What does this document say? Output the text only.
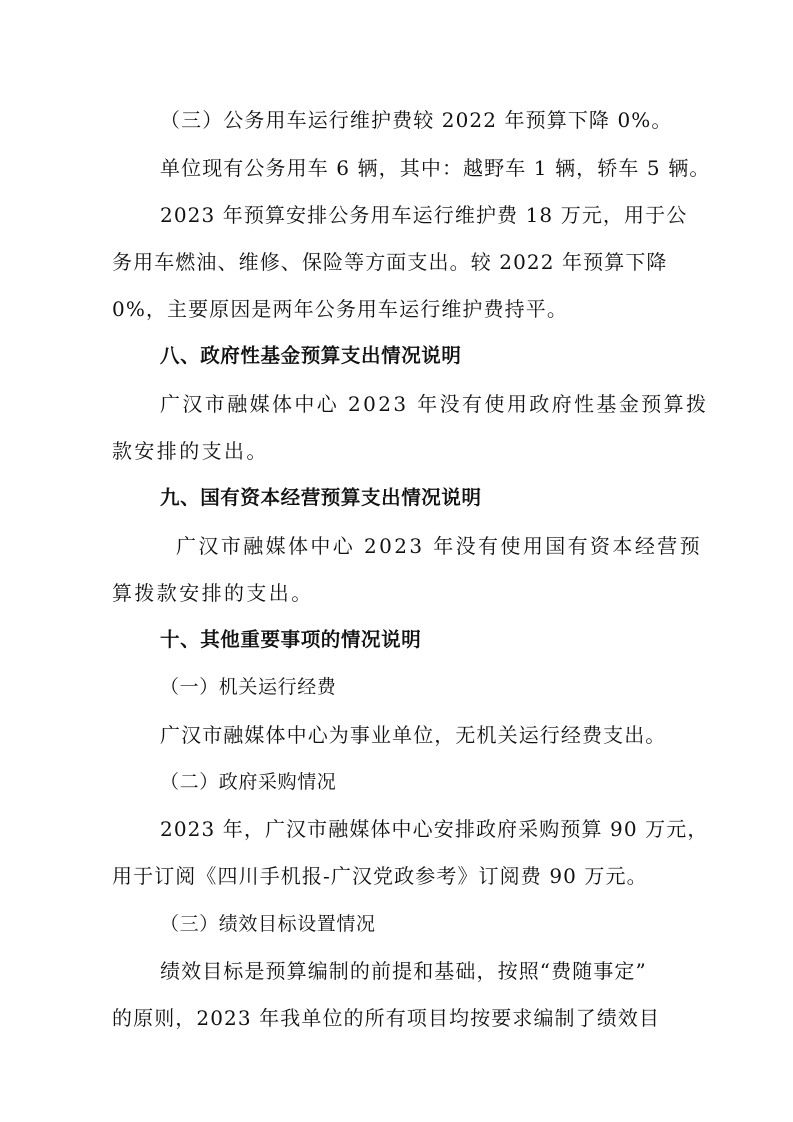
（三）公务用车运行维护费较 2022 年预算下降 0%。
单位现有公务用车 6 辆，其中：越野车 1 辆，轿车 5 辆。
2023 年预算安排公务用车运行维护费 18 万元，用于公
务用车燃油、维修、保险等方面支出。较 2022 年预算下降
0%，主要原因是两年公务用车运行维护费持平。
八、政府性基金预算支出情况说明
广汉市融媒体中心 2023 年没有使用政府性基金预算拨
款安排的支出。
九、国有资本经营预算支出情况说明
广汉市融媒体中心 2023 年没有使用国有资本经营预
算拨款安排的支出。
十、其他重要事项的情况说明
（一）机关运行经费
广汉市融媒体中心为事业单位，无机关运行经费支出。
（二）政府采购情况
2023 年，广汉市融媒体中心安排政府采购预算 90 万元，
用于订阅《四川手机报-广汉党政参考》订阅费 90 万元。
（三）绩效目标设置情况
绩效目标是预算编制的前提和基础，按照“费随事定”
的原则，2023 年我单位的所有项目均按要求编制了绩效目
